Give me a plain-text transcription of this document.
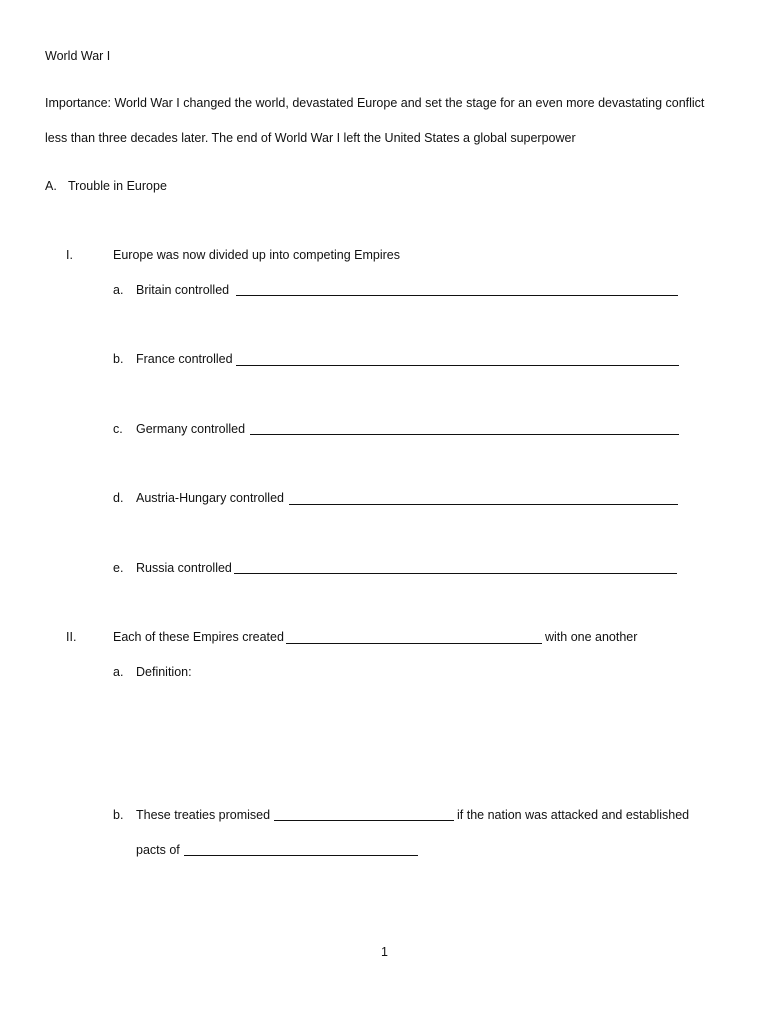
World War I
Importance: World War I changed the world, devastated Europe and set the stage for an even more devastating conflict
less than three decades later. The end of World War I left the United States a global superpower
A. Trouble in Europe
I.	Europe was now divided up into competing Empires
a. Britain controlled
b. France controlled
c. Germany controlled
d. Austria-Hungary controlled
e. Russia controlled
II.	Each of these Empires created	with one another
a. Definition:
b. These treaties promised	if the nation was attacked and established
pacts of
1
